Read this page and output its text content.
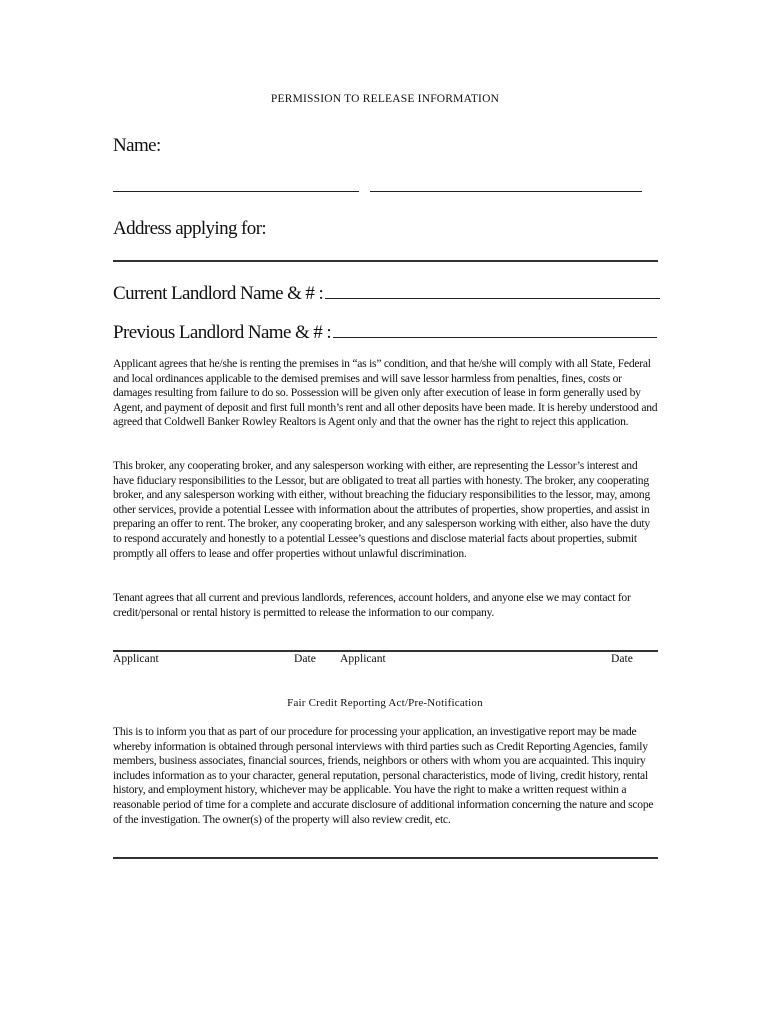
PERMISSION TO RELEASE INFORMATION
Name:
Address applying for:
Current Landlord Name & # :
Previous Landlord Name & # :
Applicant agrees that he/she is renting the premises in “as is” condition, and that he/she will comply with all State, Federal and local ordinances applicable to the demised premises and will save lessor harmless from penalties, fines, costs or damages resulting from failure to do so. Possession will be given only after execution of lease in form generally used by Agent, and payment of deposit and first full month’s rent and all other deposits have been made. It is hereby understood and agreed that Coldwell Banker Rowley Realtors is Agent only and that the owner has the right to reject this application.
This broker, any cooperating broker, and any salesperson working with either, are representing the Lessor’s interest and have fiduciary responsibilities to the Lessor, but are obligated to treat all parties with honesty. The broker, any cooperating broker, and any salesperson working with either, without breaching the fiduciary responsibilities to the lessor, may, among other services, provide a potential Lessee with information about the attributes of properties, show properties, and assist in preparing an offer to rent. The broker, any cooperating broker, and any salesperson working with either, also have the duty to respond accurately and honestly to a potential Lessee’s questions and disclose material facts about properties, submit promptly all offers to lease and offer properties without unlawful discrimination.
Tenant agrees that all current and previous landlords, references, account holders, and anyone else we may contact for credit/personal or rental history is permitted to release the information to our company.
Applicant	Date Applicant	Date
Fair Credit Reporting Act/Pre-Notification
This is to inform you that as part of our procedure for processing your application, an investigative report may be made whereby information is obtained through personal interviews with third parties such as Credit Reporting Agencies, family members, business associates, financial sources, friends, neighbors or others with whom you are acquainted. This inquiry includes information as to your character, general reputation, personal characteristics, mode of living, credit history, rental history, and employment history, whichever may be applicable. You have the right to make a written request within a reasonable period of time for a complete and accurate disclosure of additional information concerning the nature and scope of the investigation. The owner(s) of the property will also review credit, etc.
